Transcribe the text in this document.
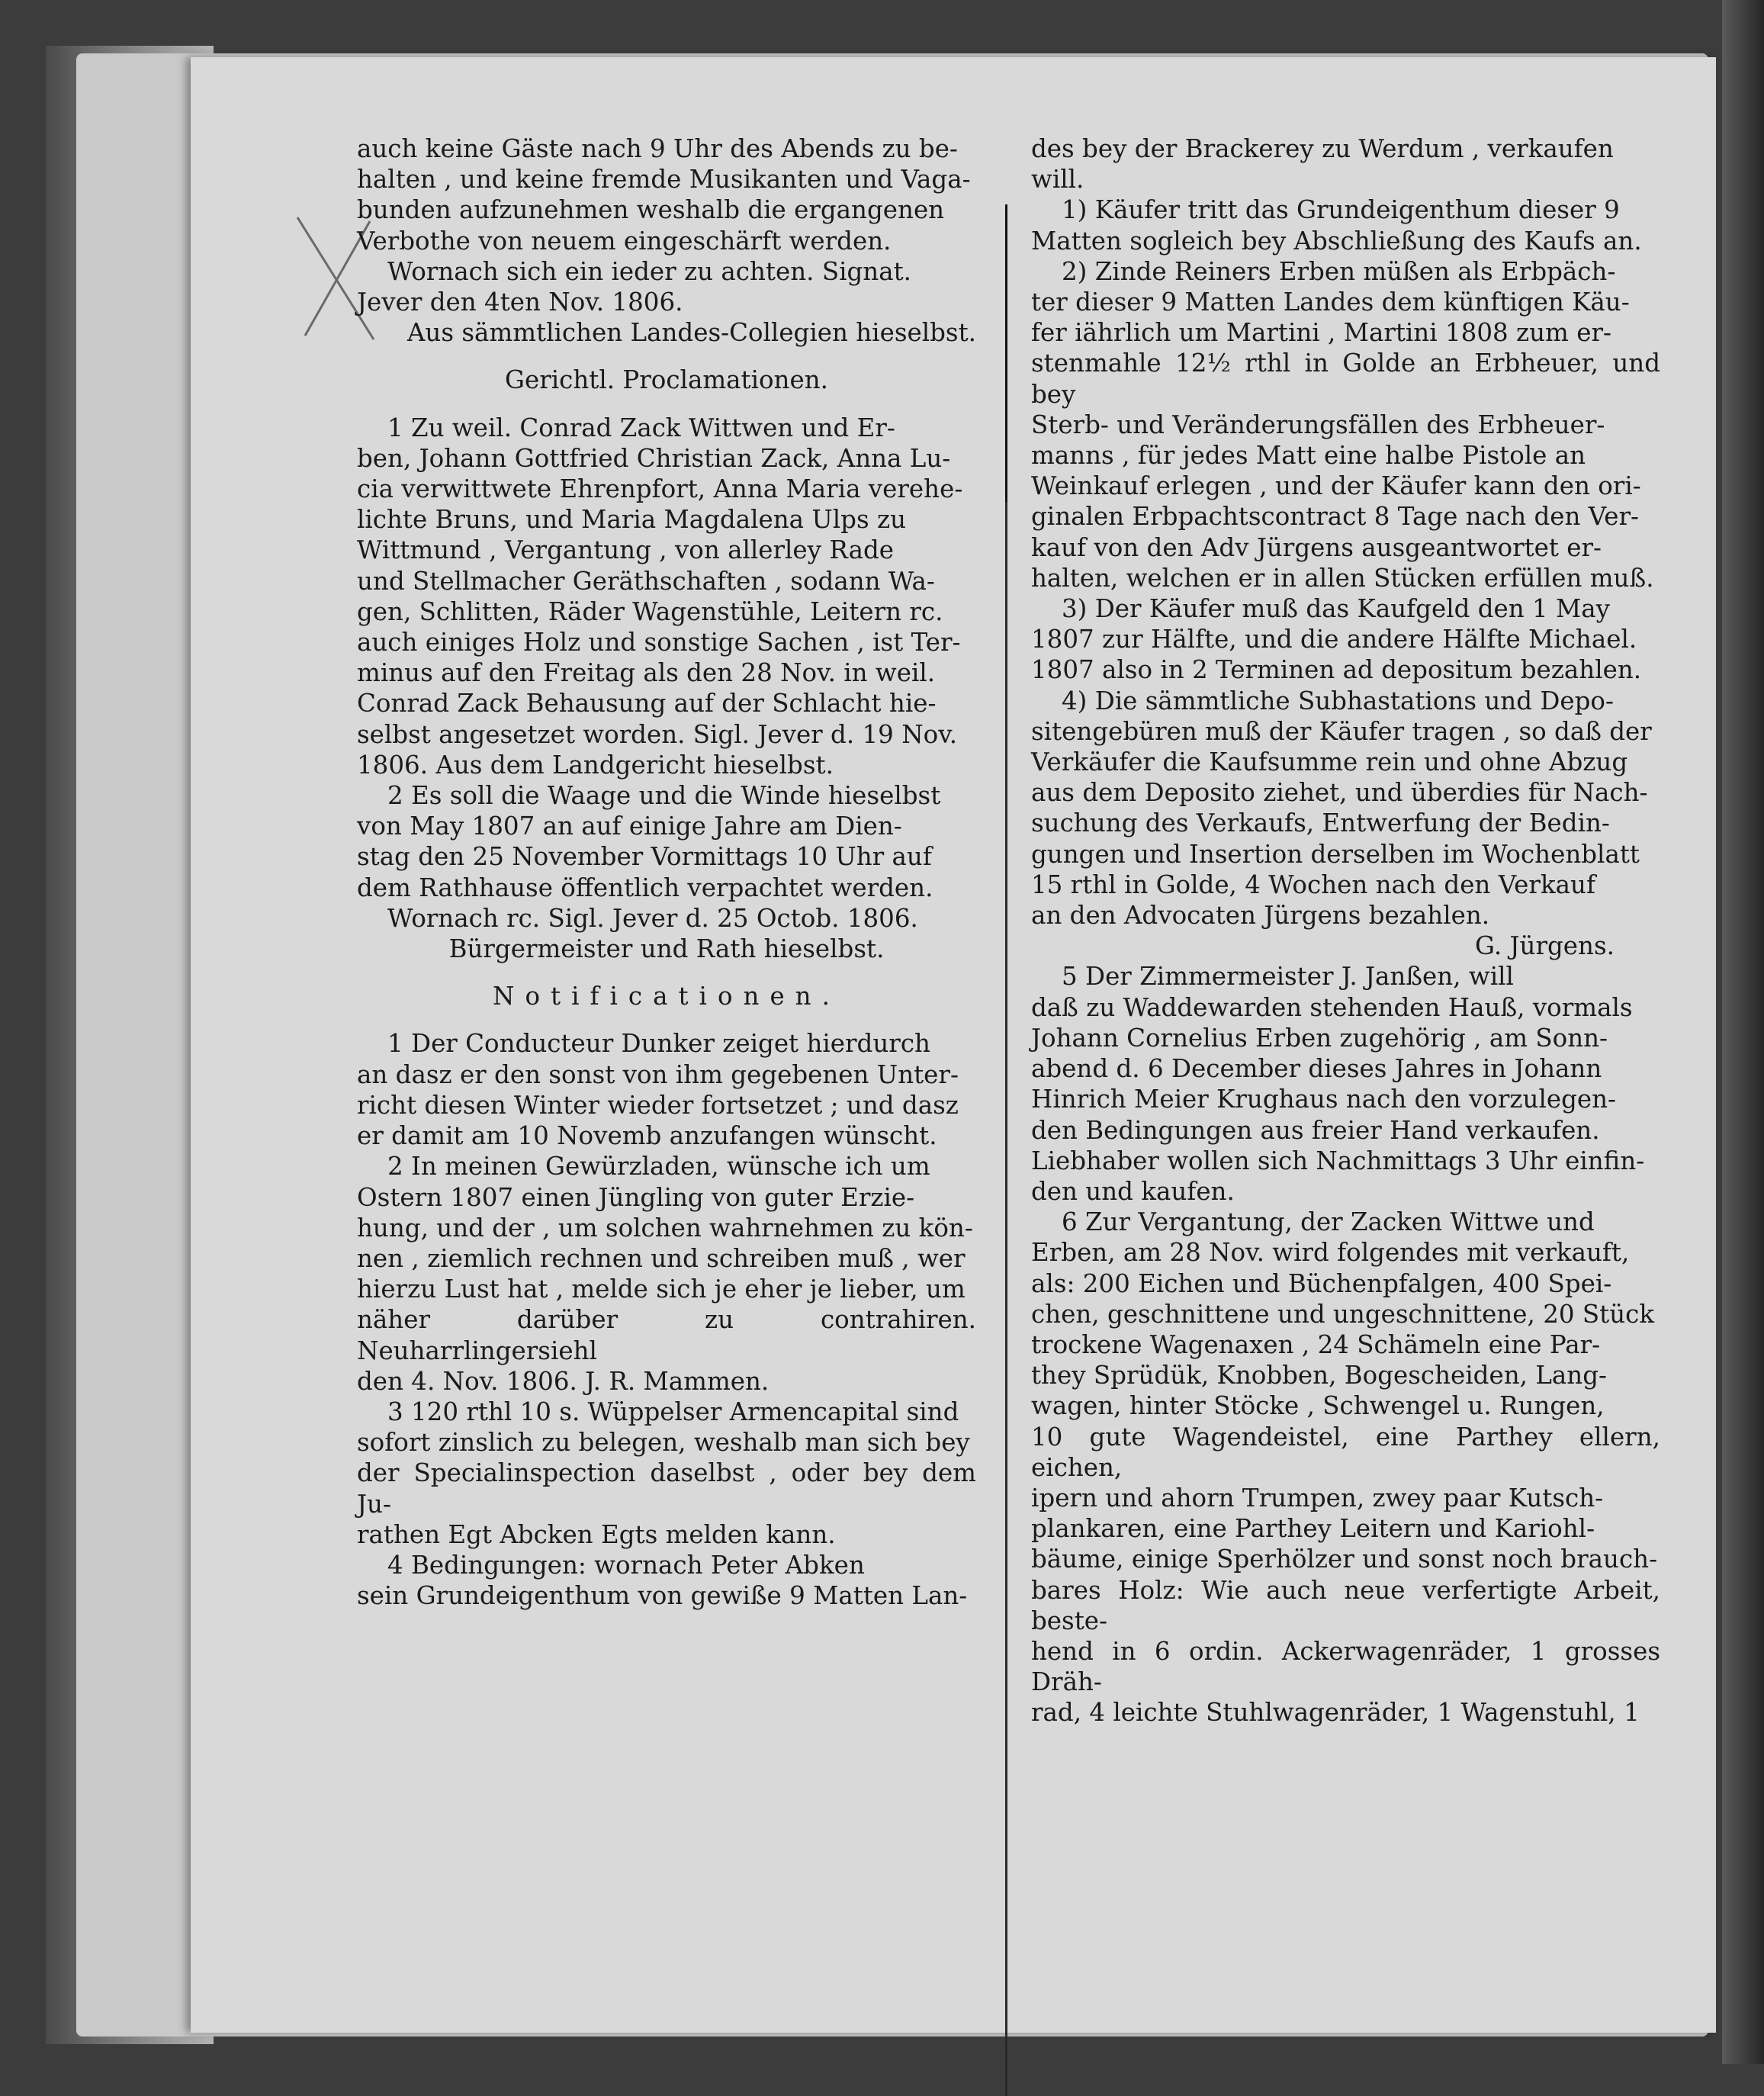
auch keine Gäste nach 9 Uhr des Abends zu be-

halten , und keine fremde Musikanten und Vaga-

bunden aufzunehmen weshalb die ergangenen

Verbothe von neuem eingeschärft werden.

Wornach sich ein ieder zu achten. Signat.

Jever den 4ten Nov. 1806.

Aus sämmtlichen Landes-Collegien hieselbst.

Gerichtl. Proclamationen.

1 Zu weil. Conrad Zack Wittwen und Er-

ben, Johann Gottfried Christian Zack, Anna Lu-

cia verwittwete Ehrenpfort, Anna Maria verehe-

lichte Bruns, und Maria Magdalena Ulps zu

Wittmund , Vergantung , von allerley Rade

und Stellmacher Geräthschaften , sodann Wa-

gen, Schlitten, Räder Wagenstühle, Leitern rc.

auch einiges Holz und sonstige Sachen , ist Ter-

minus auf den Freitag als den 28 Nov. in weil.

Conrad Zack Behausung auf der Schlacht hie-

selbst angesetzet worden. Sigl. Jever d. 19 Nov.

1806. Aus dem Landgericht hieselbst.

2 Es soll die Waage und die Winde hieselbst

von May 1807 an auf einige Jahre am Dien-

stag den 25 November Vormittags 10 Uhr auf

dem Rathhause öffentlich verpachtet werden.

Wornach rc. Sigl. Jever d. 25 Octob. 1806.

Bürgermeister und Rath hieselbst.

Notificationen.

1 Der Conducteur Dunker zeiget hierdurch

an dasz er den sonst von ihm gegebenen Unter-

richt diesen Winter wieder fortsetzet ; und dasz

er damit am 10 Novemb anzufangen wünscht.

2 In meinen Gewürzladen, wünsche ich um

Ostern 1807 einen Jüngling von guter Erzie-

hung, und der , um solchen wahrnehmen zu kön-

nen , ziemlich rechnen und schreiben muß , wer

hierzu Lust hat , melde sich je eher je lieber, um

näher darüber zu contrahiren. Neuharrlingersiehl

den 4. Nov. 1806. J. R. Mammen.

3 120 rthl 10 s. Wüppelser Armencapital sind

sofort zinslich zu belegen, weshalb man sich bey

der Specialinspection daselbst , oder bey dem Ju-

rathen Egt Abcken Egts melden kann.

4 Bedingungen: wornach Peter Abken

sein Grundeigenthum von gewiße 9 Matten Lan-

des bey der Brackerey zu Werdum , verkaufen

will.

1) Käufer tritt das Grundeigenthum dieser 9

Matten sogleich bey Abschließung des Kaufs an.

2) Zinde Reiners Erben müßen als Erbpäch-

ter dieser 9 Matten Landes dem künftigen Käu-

fer iährlich um Martini , Martini 1808 zum er-

stenmahle 12½ rthl in Golde an Erbheuer, und bey

Sterb- und Veränderungsfällen des Erbheuer-

manns , für jedes Matt eine halbe Pistole an

Weinkauf erlegen , und der Käufer kann den ori-

ginalen Erbpachtscontract 8 Tage nach den Ver-

kauf von den Adv Jürgens ausgeantwortet er-

halten, welchen er in allen Stücken erfüllen muß.

3) Der Käufer muß das Kaufgeld den 1 May

1807 zur Hälfte, und die andere Hälfte Michael.

1807 also in 2 Terminen ad depositum bezahlen.

4) Die sämmtliche Subhastations und Depo-

sitengebüren muß der Käufer tragen , so daß der

Verkäufer die Kaufsumme rein und ohne Abzug

aus dem Deposito ziehet, und überdies für Nach-

suchung des Verkaufs, Entwerfung der Bedin-

gungen und Insertion derselben im Wochenblatt

15 rthl in Golde, 4 Wochen nach den Verkauf

an den Advocaten Jürgens bezahlen.

G. Jürgens.

5 Der Zimmermeister J. Janßen, will

daß zu Waddewarden stehenden Hauß, vormals

Johann Cornelius Erben zugehörig , am Sonn-

abend d. 6 December dieses Jahres in Johann

Hinrich Meier Krughaus nach den vorzulegen-

den Bedingungen aus freier Hand verkaufen.

Liebhaber wollen sich Nachmittags 3 Uhr einfin-

den und kaufen.

6 Zur Vergantung, der Zacken Wittwe und

Erben, am 28 Nov. wird folgendes mit verkauft,

als: 200 Eichen und Büchenpfalgen, 400 Spei-

chen, geschnittene und ungeschnittene, 20 Stück

trockene Wagenaxen , 24 Schämeln eine Par-

they Sprüdük, Knobben, Bogescheiden, Lang-

wagen, hinter Stöcke , Schwengel u. Rungen,

10 gute Wagendeistel, eine Parthey ellern, eichen,

ipern und ahorn Trumpen, zwey paar Kutsch-

plankaren, eine Parthey Leitern und Kariohl-

bäume, einige Sperhölzer und sonst noch brauch-

bares Holz: Wie auch neue verfertigte Arbeit, beste-

hend in 6 ordin. Ackerwagenräder, 1 grosses Dräh-

rad, 4 leichte Stuhlwagenräder, 1 Wagenstuhl, 1
